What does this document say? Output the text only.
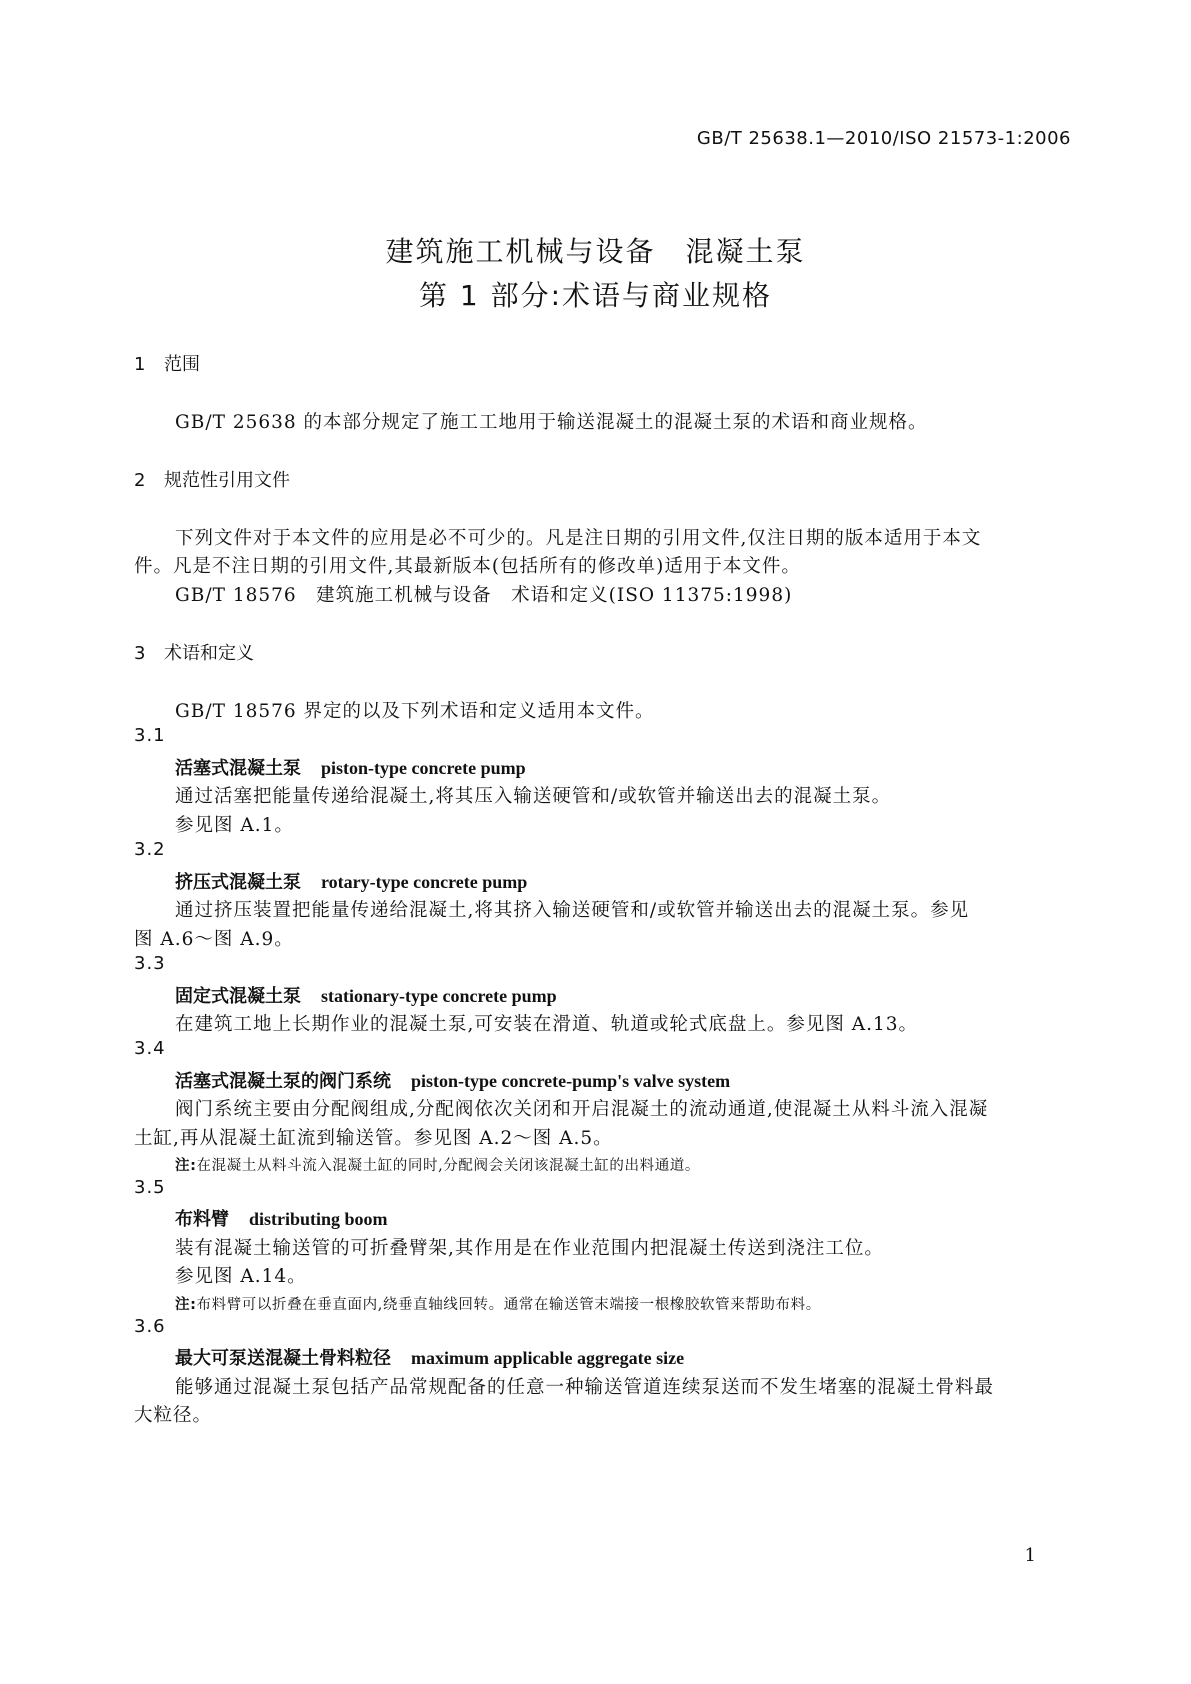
GB/T 25638.1—2010/ISO 21573-1:2006
建筑施工机械与设备　混凝土泵
第 1 部分:术语与商业规格
1 范围
GB/T 25638 的本部分规定了施工工地用于输送混凝土的混凝土泵的术语和商业规格。
2 规范性引用文件
下列文件对于本文件的应用是必不可少的。凡是注日期的引用文件,仅注日期的版本适用于本文
件。凡是不注日期的引用文件,其最新版本(包括所有的修改单)适用于本文件。
GB/T 18576　建筑施工机械与设备　术语和定义(ISO 11375:1998)
3 术语和定义
GB/T 18576 界定的以及下列术语和定义适用本文件。
3.1
活塞式混凝土泵 piston-type concrete pump
通过活塞把能量传递给混凝土,将其压入输送硬管和/或软管并输送出去的混凝土泵。
参见图 A.1。
3.2
挤压式混凝土泵 rotary-type concrete pump
通过挤压装置把能量传递给混凝土,将其挤入输送硬管和/或软管并输送出去的混凝土泵。参见
图 A.6～图 A.9。
3.3
固定式混凝土泵 stationary-type concrete pump
在建筑工地上长期作业的混凝土泵,可安装在滑道、轨道或轮式底盘上。参见图 A.13。
3.4
活塞式混凝土泵的阀门系统 piston-type concrete-pump's valve system
阀门系统主要由分配阀组成,分配阀依次关闭和开启混凝土的流动通道,使混凝土从料斗流入混凝
土缸,再从混凝土缸流到输送管。参见图 A.2～图 A.5。
注:在混凝土从料斗流入混凝土缸的同时,分配阀会关闭该混凝土缸的出料通道。
3.5
布料臂 distributing boom
装有混凝土输送管的可折叠臂架,其作用是在作业范围内把混凝土传送到浇注工位。
参见图 A.14。
注:布料臂可以折叠在垂直面内,绕垂直轴线回转。通常在输送管末端接一根橡胶软管来帮助布料。
3.6
最大可泵送混凝土骨料粒径 maximum applicable aggregate size
能够通过混凝土泵包括产品常规配备的任意一种输送管道连续泵送而不发生堵塞的混凝土骨料最
大粒径。
1
